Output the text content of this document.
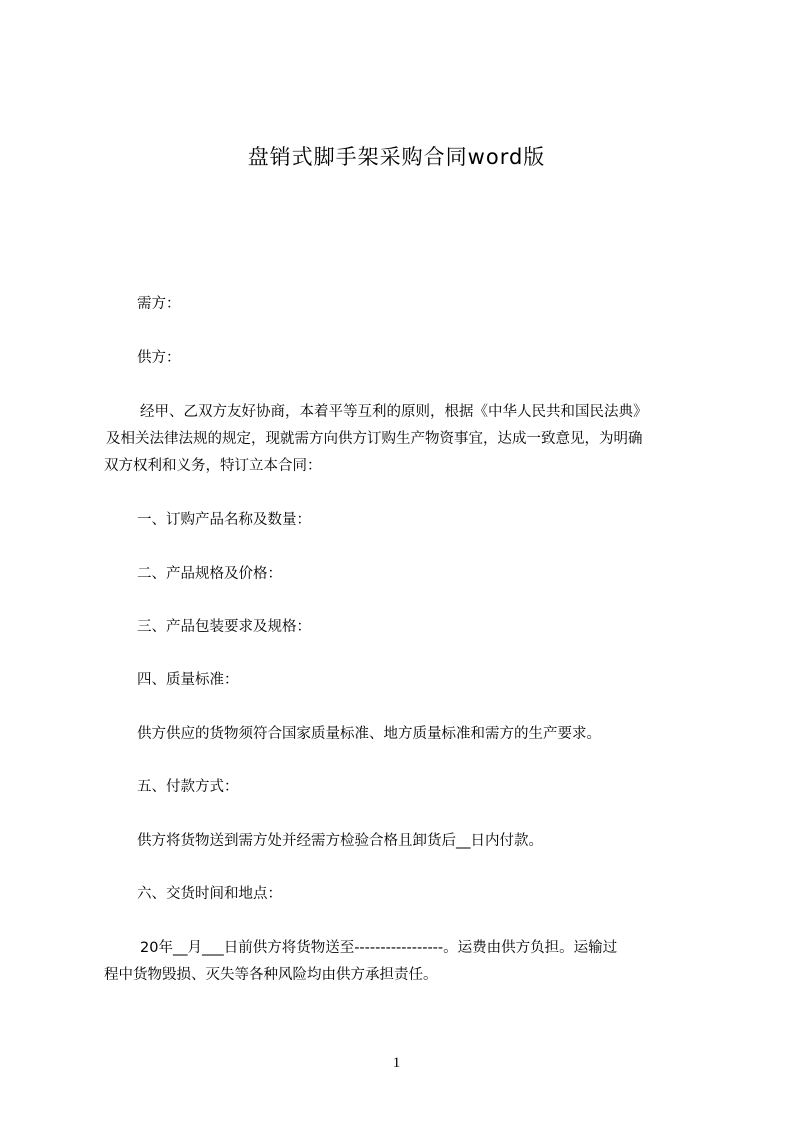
盘销式脚手架采购合同word版
需方：
供方：
经甲、乙双方友好协商，本着平等互利的原则，根据《中华人民共和国民法典》
及相关法律法规的规定，现就需方向供方订购生产物资事宜，达成一致意见，为明确
双方权利和义务，特订立本合同：
一、订购产品名称及数量：
二、产品规格及价格：
三、产品包装要求及规格：
四、质量标准：
供方供应的货物须符合国家质量标准、地方质量标准和需方的生产要求。
五、付款方式：
供方将货物送到需方处并经需方检验合格且卸货后__日内付款。
六、交货时间和地点：
20年__月___日前供方将货物送至-----------------。运费由供方负担。运输过
程中货物毁损、灭失等各种风险均由供方承担责任。
1
